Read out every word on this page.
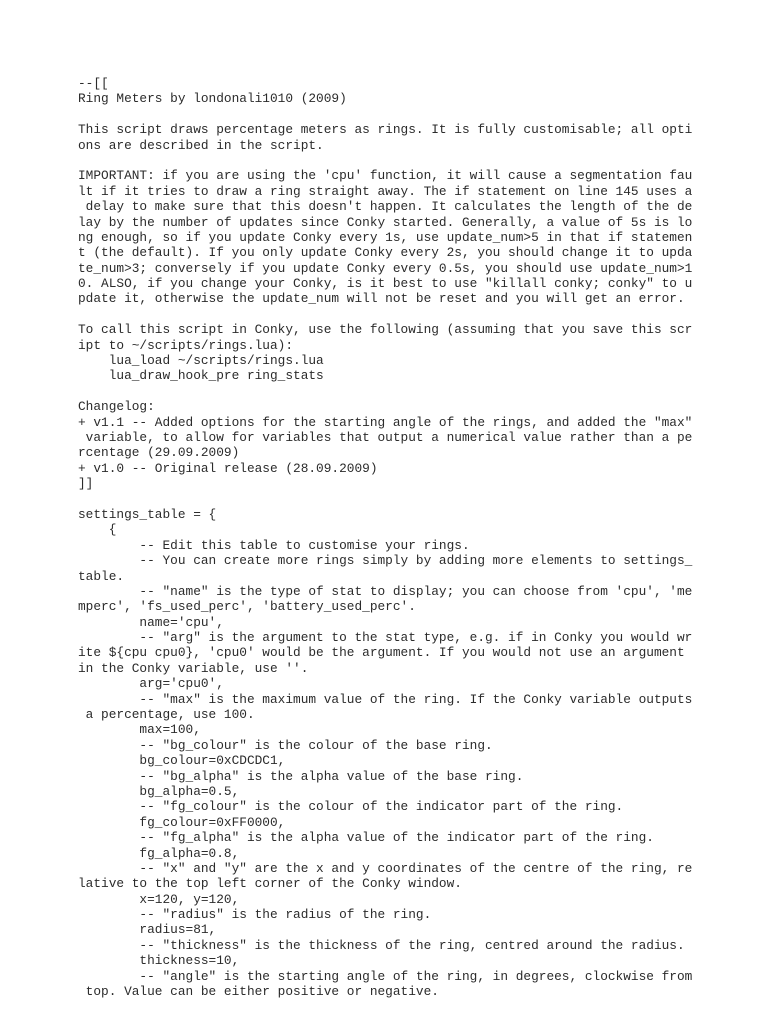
--[[
Ring Meters by londonali1010 (2009)
This script draws percentage meters as rings. It is fully customisable; all opti
ons are described in the script.
IMPORTANT: if you are using the 'cpu' function, it will cause a segmentation fau
lt if it tries to draw a ring straight away. The if statement on line 145 uses a
delay to make sure that this doesn't happen. It calculates the length of the de
lay by the number of updates since Conky started. Generally, a value of 5s is lo
ng enough, so if you update Conky every 1s, use update_num>5 in that if statemen
t (the default). If you only update Conky every 2s, you should change it to upda
te_num>3; conversely if you update Conky every 0.5s, you should use update_num>1
0. ALSO, if you change your Conky, is it best to use "killall conky; conky" to u
pdate it, otherwise the update_num will not be reset and you will get an error.
To call this script in Conky, use the following (assuming that you save this scr
ipt to ~/scripts/rings.lua):
lua_load ~/scripts/rings.lua
lua_draw_hook_pre ring_stats
Changelog:
+ v1.1 -- Added options for the starting angle of the rings, and added the "max"
variable, to allow for variables that output a numerical value rather than a pe
rcentage (29.09.2009)
+ v1.0 -- Original release (28.09.2009)
]]
settings_table = {
{
-- Edit this table to customise your rings.
-- You can create more rings simply by adding more elements to settings_
table.
-- "name" is the type of stat to display; you can choose from 'cpu', 'me
mperc', 'fs_used_perc', 'battery_used_perc'.
name='cpu',
-- "arg" is the argument to the stat type, e.g. if in Conky you would wr
ite ${cpu cpu0}, 'cpu0' would be the argument. If you would not use an argument
in the Conky variable, use ''.
arg='cpu0',
-- "max" is the maximum value of the ring. If the Conky variable outputs
a percentage, use 100.
max=100,
-- "bg_colour" is the colour of the base ring.
bg_colour=0xCDCDC1,
-- "bg_alpha" is the alpha value of the base ring.
bg_alpha=0.5,
-- "fg_colour" is the colour of the indicator part of the ring.
fg_colour=0xFF0000,
-- "fg_alpha" is the alpha value of the indicator part of the ring.
fg_alpha=0.8,
-- "x" and "y" are the x and y coordinates of the centre of the ring, re
lative to the top left corner of the Conky window.
x=120, y=120,
-- "radius" is the radius of the ring.
radius=81,
-- "thickness" is the thickness of the ring, centred around the radius.
thickness=10,
-- "angle" is the starting angle of the ring, in degrees, clockwise from
top. Value can be either positive or negative.
